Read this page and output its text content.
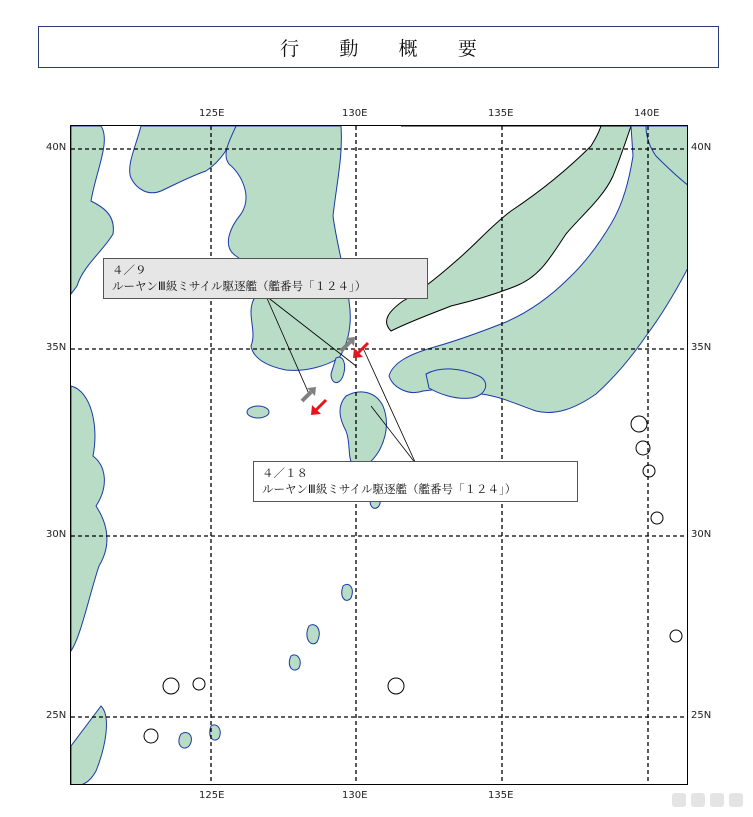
行 動 概 要
125E	130E	135E	140E
125E	130E	135E
40N
35N
30N
25N
40N
35N
30N
25N
４／９
ルーヤンⅢ級ミサイル駆逐艦（艦番号「１２４」）
４／１８
ルーヤンⅢ級ミサイル駆逐艦（艦番号「１２４」）
